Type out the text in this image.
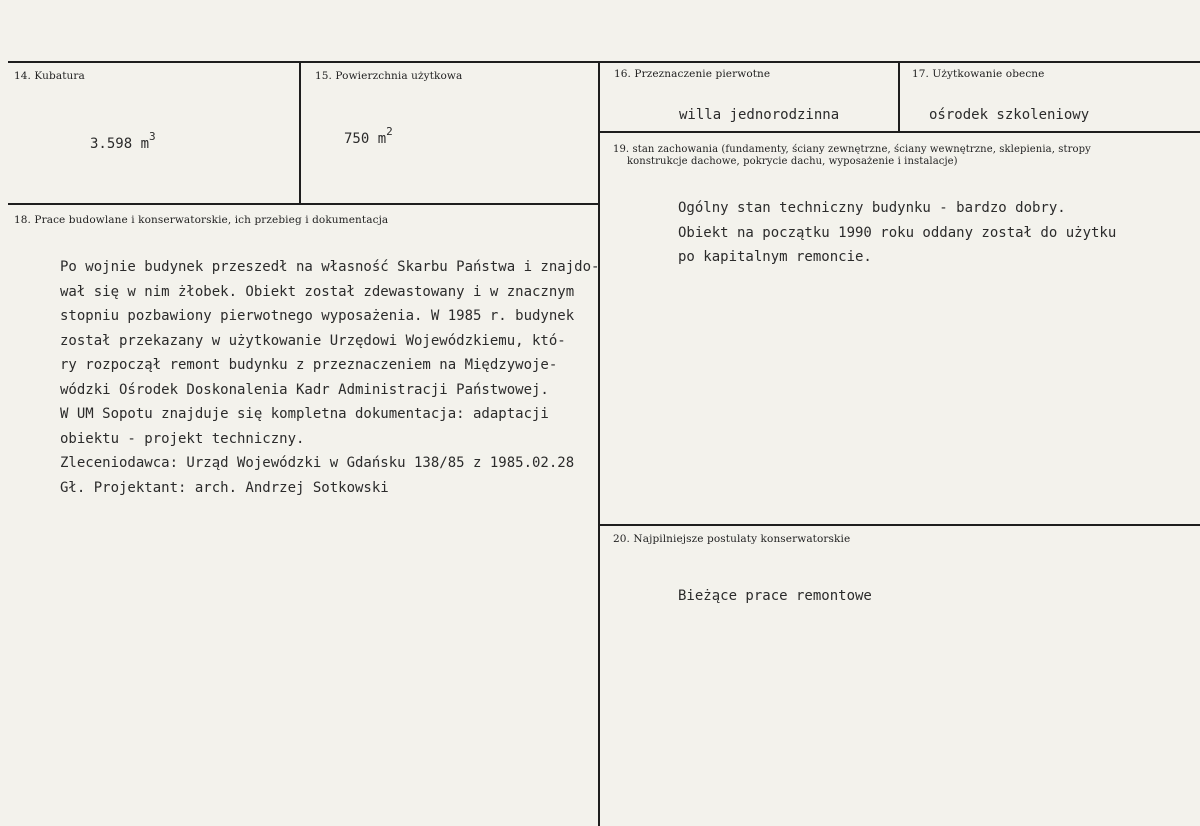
14. Kubatura
3.598 $m^3$
15. Powierzchnia użytkowa
750 $m^2$
16. Przeznaczenie pierwotne
willa jednorodzinna
17. Użytkowanie obecne
ośrodek szkoleniowy
19. stan zachowania (fundamenty, ściany zewnętrzne, ściany wewnętrzne, sklepienia, stropy
konstrukcje dachowe, pokrycie dachu, wyposażenie i instalacje)
Ogólny stan techniczny budynku - bardzo dobry.
Obiekt na początku 1990 roku oddany został do użytku
po kapitalnym remoncie.
18. Prace budowlane i konserwatorskie, ich przebieg i dokumentacja
Po wojnie budynek przeszedł na własność Skarbu Państwa i znajdo-
wał się w nim żłobek. Obiekt został zdewastowany i w znacznym
stopniu pozbawiony pierwotnego wyposażenia. W 1985 r. budynek
został przekazany w użytkowanie Urzędowi Wojewódzkiemu, któ-
ry rozpoczął remont budynku z przeznaczeniem na Międzywoje-
wódzki Ośrodek Doskonalenia Kadr Administracji Państwowej.
W UM Sopotu znajduje się kompletna dokumentacja: adaptacji
obiektu - projekt techniczny.
Zleceniodawca: Urząd Wojewódzki w Gdańsku 138/85 z 1985.02.28
Gł. Projektant: arch. Andrzej Sotkowski
20. Najpilniejsze postulaty konserwatorskie
Bieżące prace remontowe
